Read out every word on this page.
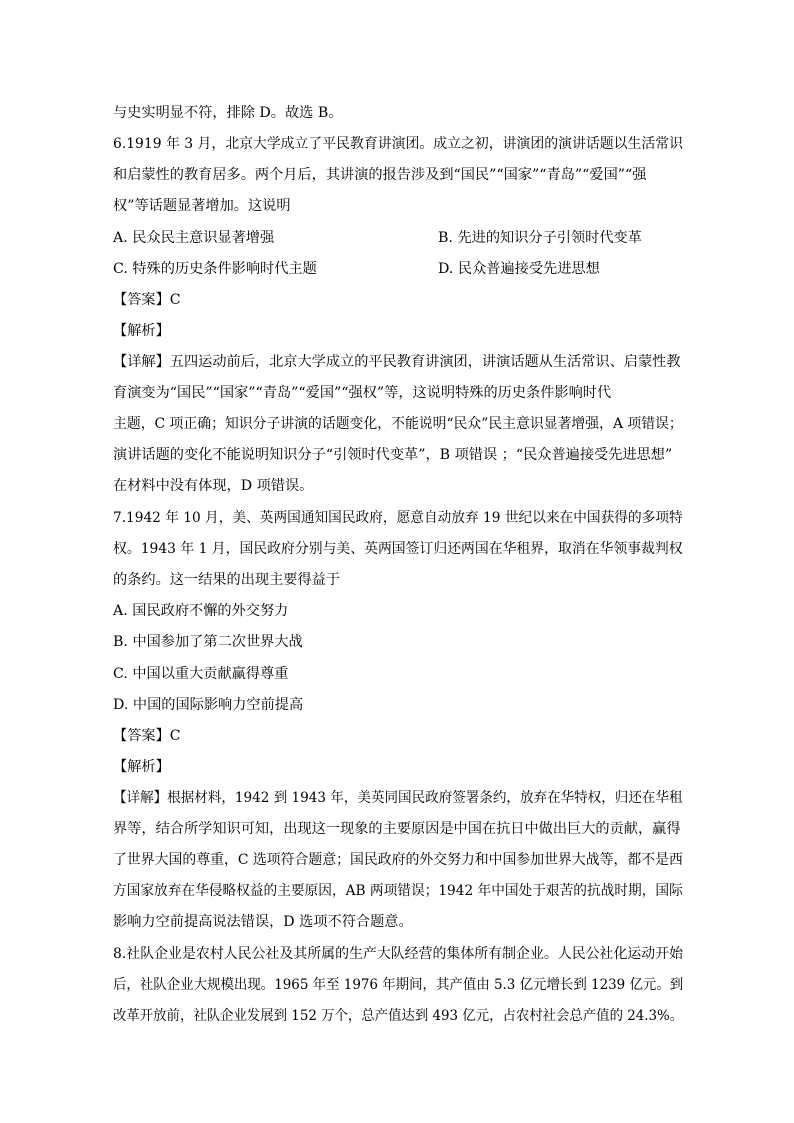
与史实明显不符，排除 D。故选 B。
6.1919 年 3 月，北京大学成立了平民教育讲演团。成立之初，讲演团的演讲话题以生活常识
和启蒙性的教育居多。两个月后，其讲演的报告涉及到“国民”“国家”“青岛”“爱国”“强
权”等话题显著增加。这说明
A. 民众民主意识显著增强	B. 先进的知识分子引领时代变革
C. 特殊的历史条件影响时代主题	D. 民众普遍接受先进思想
【答案】C
【解析】
【详解】五四运动前后，北京大学成立的平民教育讲演团，讲演话题从生活常识、启蒙性教
育演变为“国民”“国家”“青岛”“爱国”“强权”等，这说明特殊的历史条件影响时代
主题，C 项正确；知识分子讲演的话题变化，不能说明“民众”民主意识显著增强，A 项错误；
演讲话题的变化不能说明知识分子“引领时代变革”，B 项错误 ；“民众普遍接受先进思想”
在材料中没有体现，D 项错误。
7.1942 年 10 月，美、英两国通知国民政府，愿意自动放弃 19 世纪以来在中国获得的多项特
权。1943 年 1 月，国民政府分别与美、英两国签订归还两国在华租界，取消在华领事裁判权
的条约。这一结果的出现主要得益于
A. 国民政府不懈的外交努力
B. 中国参加了第二次世界大战
C. 中国以重大贡献赢得尊重
D. 中国的国际影响力空前提高
【答案】C
【解析】
【详解】根据材料，1942 到 1943 年，美英同国民政府签署条约，放弃在华特权，归还在华租
界等，结合所学知识可知，出现这一现象的主要原因是中国在抗日中做出巨大的贡献，赢得
了世界大国的尊重，C 选项符合题意；国民政府的外交努力和中国参加世界大战等，都不是西
方国家放弃在华侵略权益的主要原因，AB 两项错误；1942 年中国处于艰苦的抗战时期，国际
影响力空前提高说法错误，D 选项不符合题意。
8.社队企业是农村人民公社及其所属的生产大队经营的集体所有制企业。人民公社化运动开始
后，社队企业大规模出现。1965 年至 1976 年期间，其产值由 5.3 亿元增长到 1239 亿元。到
改革开放前，社队企业发展到 152 万个，总产值达到 493 亿元，占农村社会总产值的 24.3%。
